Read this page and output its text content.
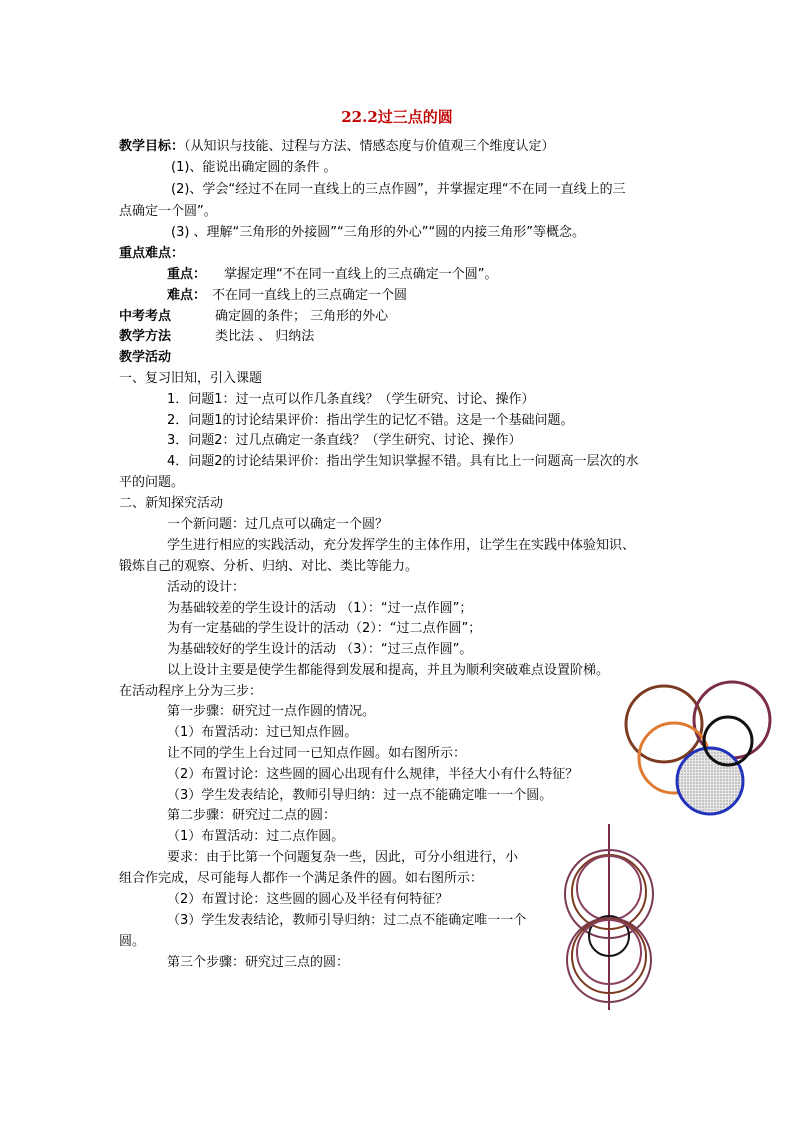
22.2过三点的圆
教学目标：（从知识与技能、过程与方法、情感态度与价值观三个维度认定）
(1)、能说出确定圆的条件 。
(2)、学会“经过不在同一直线上的三点作圆”，并掌握定理“不在同一直线上的三
点确定一个圆”。
(3) 、理解“三角形的外接圆”“三角形的外心”“圆的内接三角形”等概念。
重点难点：
重点： 掌握定理“不在同一直线上的三点确定一个圆”。
难点： 不在同一直线上的三点确定一个圆
中考考点	确定圆的条件； 三角形的外心
教学方法	类比法 、 归纳法
教学活动
一、复习旧知，引入课题
1．问题1：过一点可以作几条直线？（学生研究、讨论、操作）
2．问题1的讨论结果评价：指出学生的记忆不错。这是一个基础问题。
3．问题2：过几点确定一条直线？（学生研究、讨论、操作）
4．问题2的讨论结果评价：指出学生知识掌握不错。具有比上一问题高一层次的水
平的问题。
二、新知探究活动
一个新问题：过几点可以确定一个圆？
学生进行相应的实践活动，充分发挥学生的主体作用，让学生在实践中体验知识、
锻炼自己的观察、分析、归纳、对比、类比等能力。
活动的设计：
为基础较差的学生设计的活动 （1）：“过一点作圆”；
为有一定基础的学生设计的活动（2）：“过二点作圆”；
为基础较好的学生设计的活动 （3）：“过三点作圆”。
以上设计主要是使学生都能得到发展和提高，并且为顺利突破难点设置阶梯。
在活动程序上分为三步：
第一步骤：研究过一点作圆的情况。
（1）布置活动：过已知点作圆。
让不同的学生上台过同一已知点作圆。如右图所示：
（2）布置讨论：这些圆的圆心出现有什么规律，半径大小有什么特征？
（3）学生发表结论，教师引导归纳：过一点不能确定唯一一个圆。
第二步骤：研究过二点的圆：
（1）布置活动：过二点作圆。
要求：由于比第一个问题复杂一些，因此，可分小组进行，小
组合作完成，尽可能每人都作一个满足条件的圆。如右图所示：
（2）布置讨论：这些圆的圆心及半径有何特征？
（3）学生发表结论，教师引导归纳：过二点不能确定唯一一个
圆。
第三个步骤：研究过三点的圆：
